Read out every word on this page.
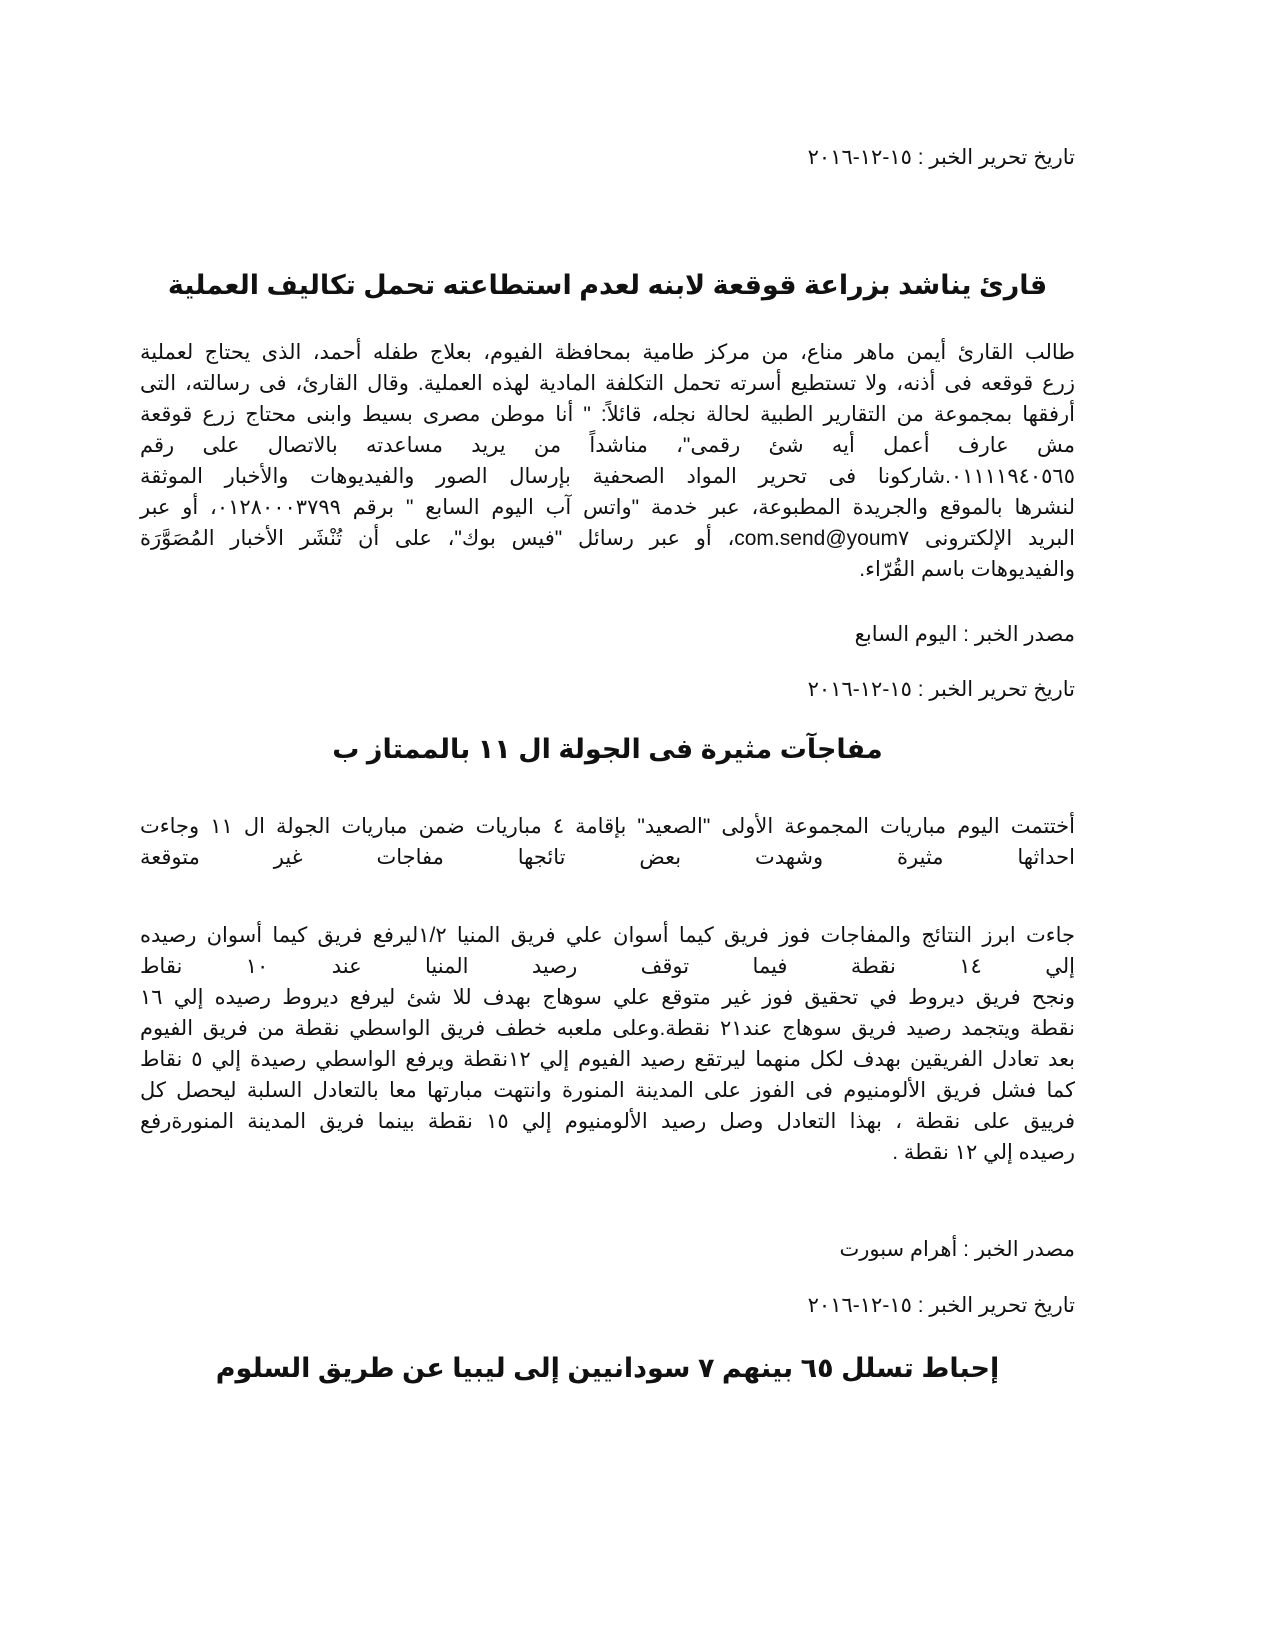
تاريخ تحرير الخبر : ١٥-١٢-٢٠١٦
قارئ يناشد بزراعة قوقعة لابنه لعدم استطاعته تحمل تكاليف العملية
طالب القارئ أيمن ماهر مناع، من مركز طامية بمحافظة الفيوم، بعلاج طفله أحمد، الذى يحتاج لعملية
زرع قوقعه فى أذنه، ولا تستطيع أسرته تحمل التكلفة المادية لهذه العملية. وقال القارئ، فى رسالته، التى
أرفقها بمجموعة من التقارير الطبية لحالة نجله، قائلاً: " أنا موطن مصرى بسيط وابنى محتاج زرع قوقعة
مش عارف أعمل أيه شئ رقمى"، مناشداً من يريد مساعدته بالاتصال على رقم
٠١١١١٩٤٠٥٦٥.شاركونا فى تحرير المواد الصحفية بإرسال الصور والفيديوهات والأخبار الموثقة
لنشرها بالموقع والجريدة المطبوعة، عبر خدمة "واتس آب اليوم السابع " برقم ٠١٢٨٠٠٠٣٧٩٩، أو عبر
البريد الإلكترونى send@youm٧.com، أو عبر رسائل "فيس بوك"، على أن تُنْشَر الأخبار المُصَوَّرَة
والفيديوهات باسم القُرّاء.
مصدر الخبر : اليوم السابع
تاريخ تحرير الخبر : ١٥-١٢-٢٠١٦
مفاجآت مثيرة فى الجولة ال ١١ بالممتاز ب
أختتمت اليوم مباريات المجموعة الأولى "الصعيد" بإقامة ٤ مباريات ضمن مباريات الجولة ال ١١ وجاءت
احداثها مثيرة وشهدت بعض تائجها مفاجات غير متوقعة
جاءت ابرز النتائج والمفاجات فوز فريق كيما أسوان علي فريق المنيا ١/٢ليرفع فريق كيما أسوان رصيده
إلي ١٤ نقطة فيما توقف رصيد المنيا عند ١٠ نقاط
ونجح فريق ديروط في تحقيق فوز غير متوقع علي سوهاج بهدف للا شئ ليرفع ديروط رصيده إلي ١٦
نقطة ويتجمد رصيد فريق سوهاج عند٢١ نقطة.وعلى ملعبه خطف فريق الواسطي نقطة من فريق الفيوم
بعد تعادل الفريقين بهدف لكل منهما ليرتقع رصيد الفيوم إلي ١٢نقطة ويرفع الواسطي رصيدة إلي ٥ نقاط
كما فشل فريق الألومنيوم فى الفوز على المدينة المنورة وانتهت مبارتها معا بالتعادل السلبة ليحصل كل
فرييق على نقطة ، بهذا التعادل وصل رصيد الألومنيوم إلي ١٥ نقطة بينما فريق المدينة المنورةرفع
رصيده إلي ١٢ نقطة .
مصدر الخبر : أهرام سبورت
تاريخ تحرير الخبر : ١٥-١٢-٢٠١٦
إحباط تسلل ٦٥ بينهم ٧ سودانيين إلى ليبيا عن طريق السلوم
